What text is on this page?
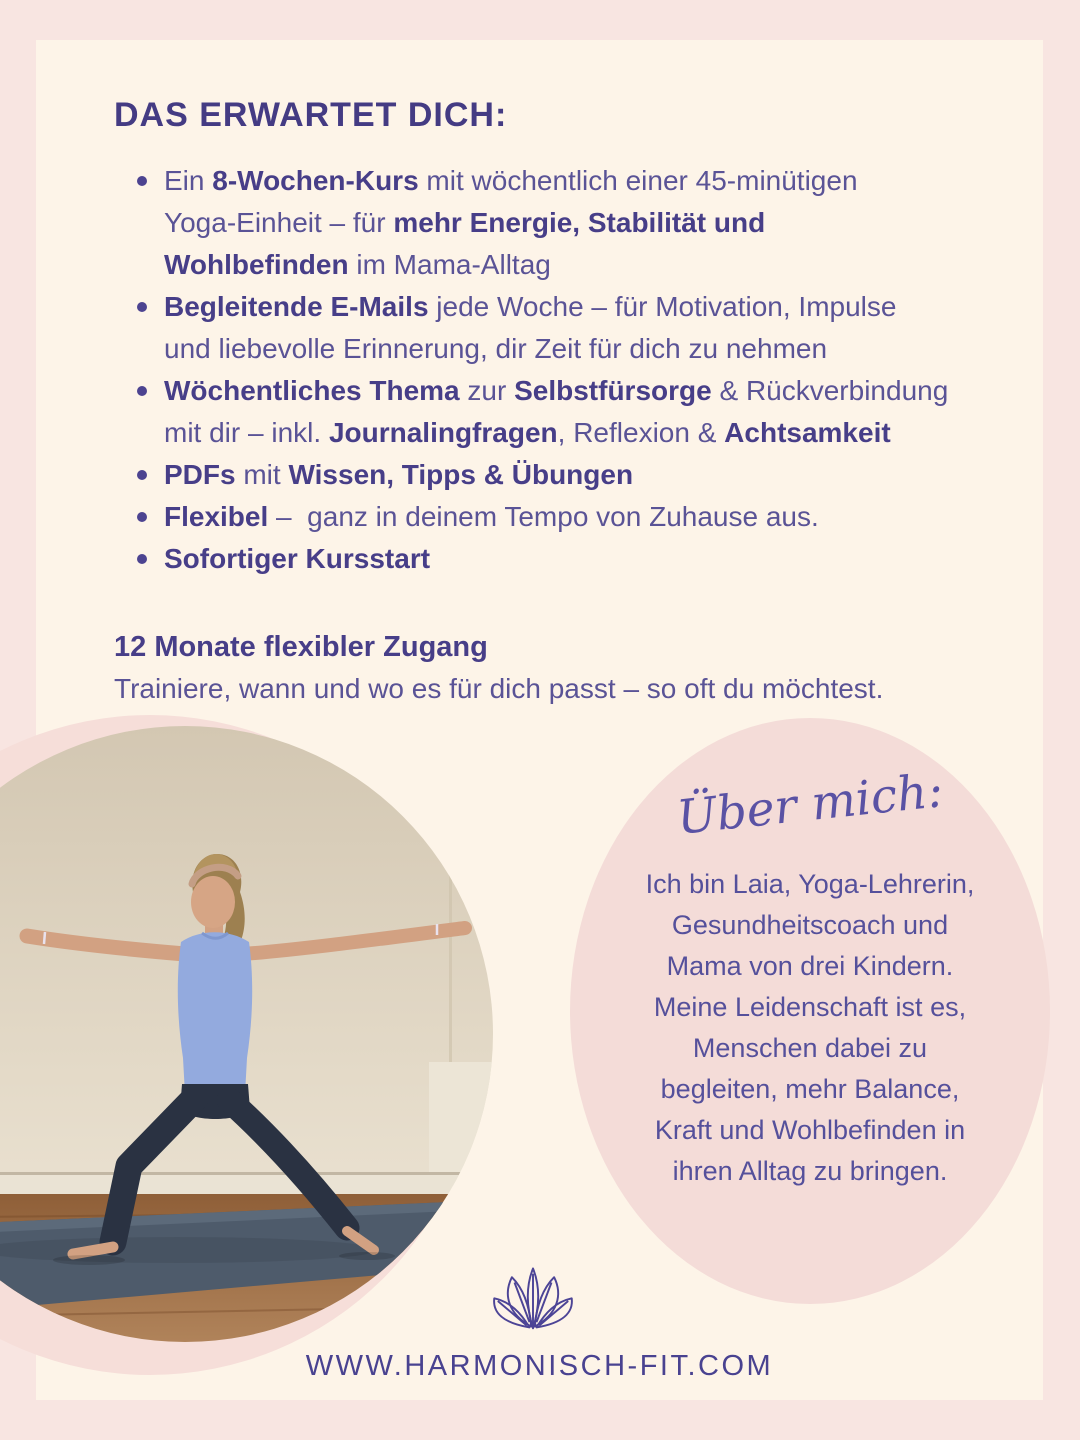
DAS ERWARTET DICH:
Ein 8-Wochen-Kurs mit wöchentlich einer 45-minütigen
Yoga-Einheit – für mehr Energie, Stabilität und
Wohlbefinden im Mama-Alltag
Begleitende E-Mails jede Woche – für Motivation, Impulse
und liebevolle Erinnerung, dir Zeit für dich zu nehmen
Wöchentliches Thema zur Selbstfürsorge & Rückverbindung
mit dir – inkl. Journalingfragen, Reflexion & Achtsamkeit
PDFs mit Wissen, Tipps & Übungen
Flexibel –  ganz in deinem Tempo von Zuhause aus.
Sofortiger Kursstart
12 Monate flexibler Zugang
Trainiere, wann und wo es für dich passt – so oft du möchtest.
Über mich:
Ich bin Laia, Yoga-Lehrerin,
Gesundheitscoach und
Mama von drei Kindern.
Meine Leidenschaft ist es,
Menschen dabei zu
begleiten, mehr Balance,
Kraft und Wohlbefinden in
ihren Alltag zu bringen.
WWW.HARMONISCH-FIT.COM
